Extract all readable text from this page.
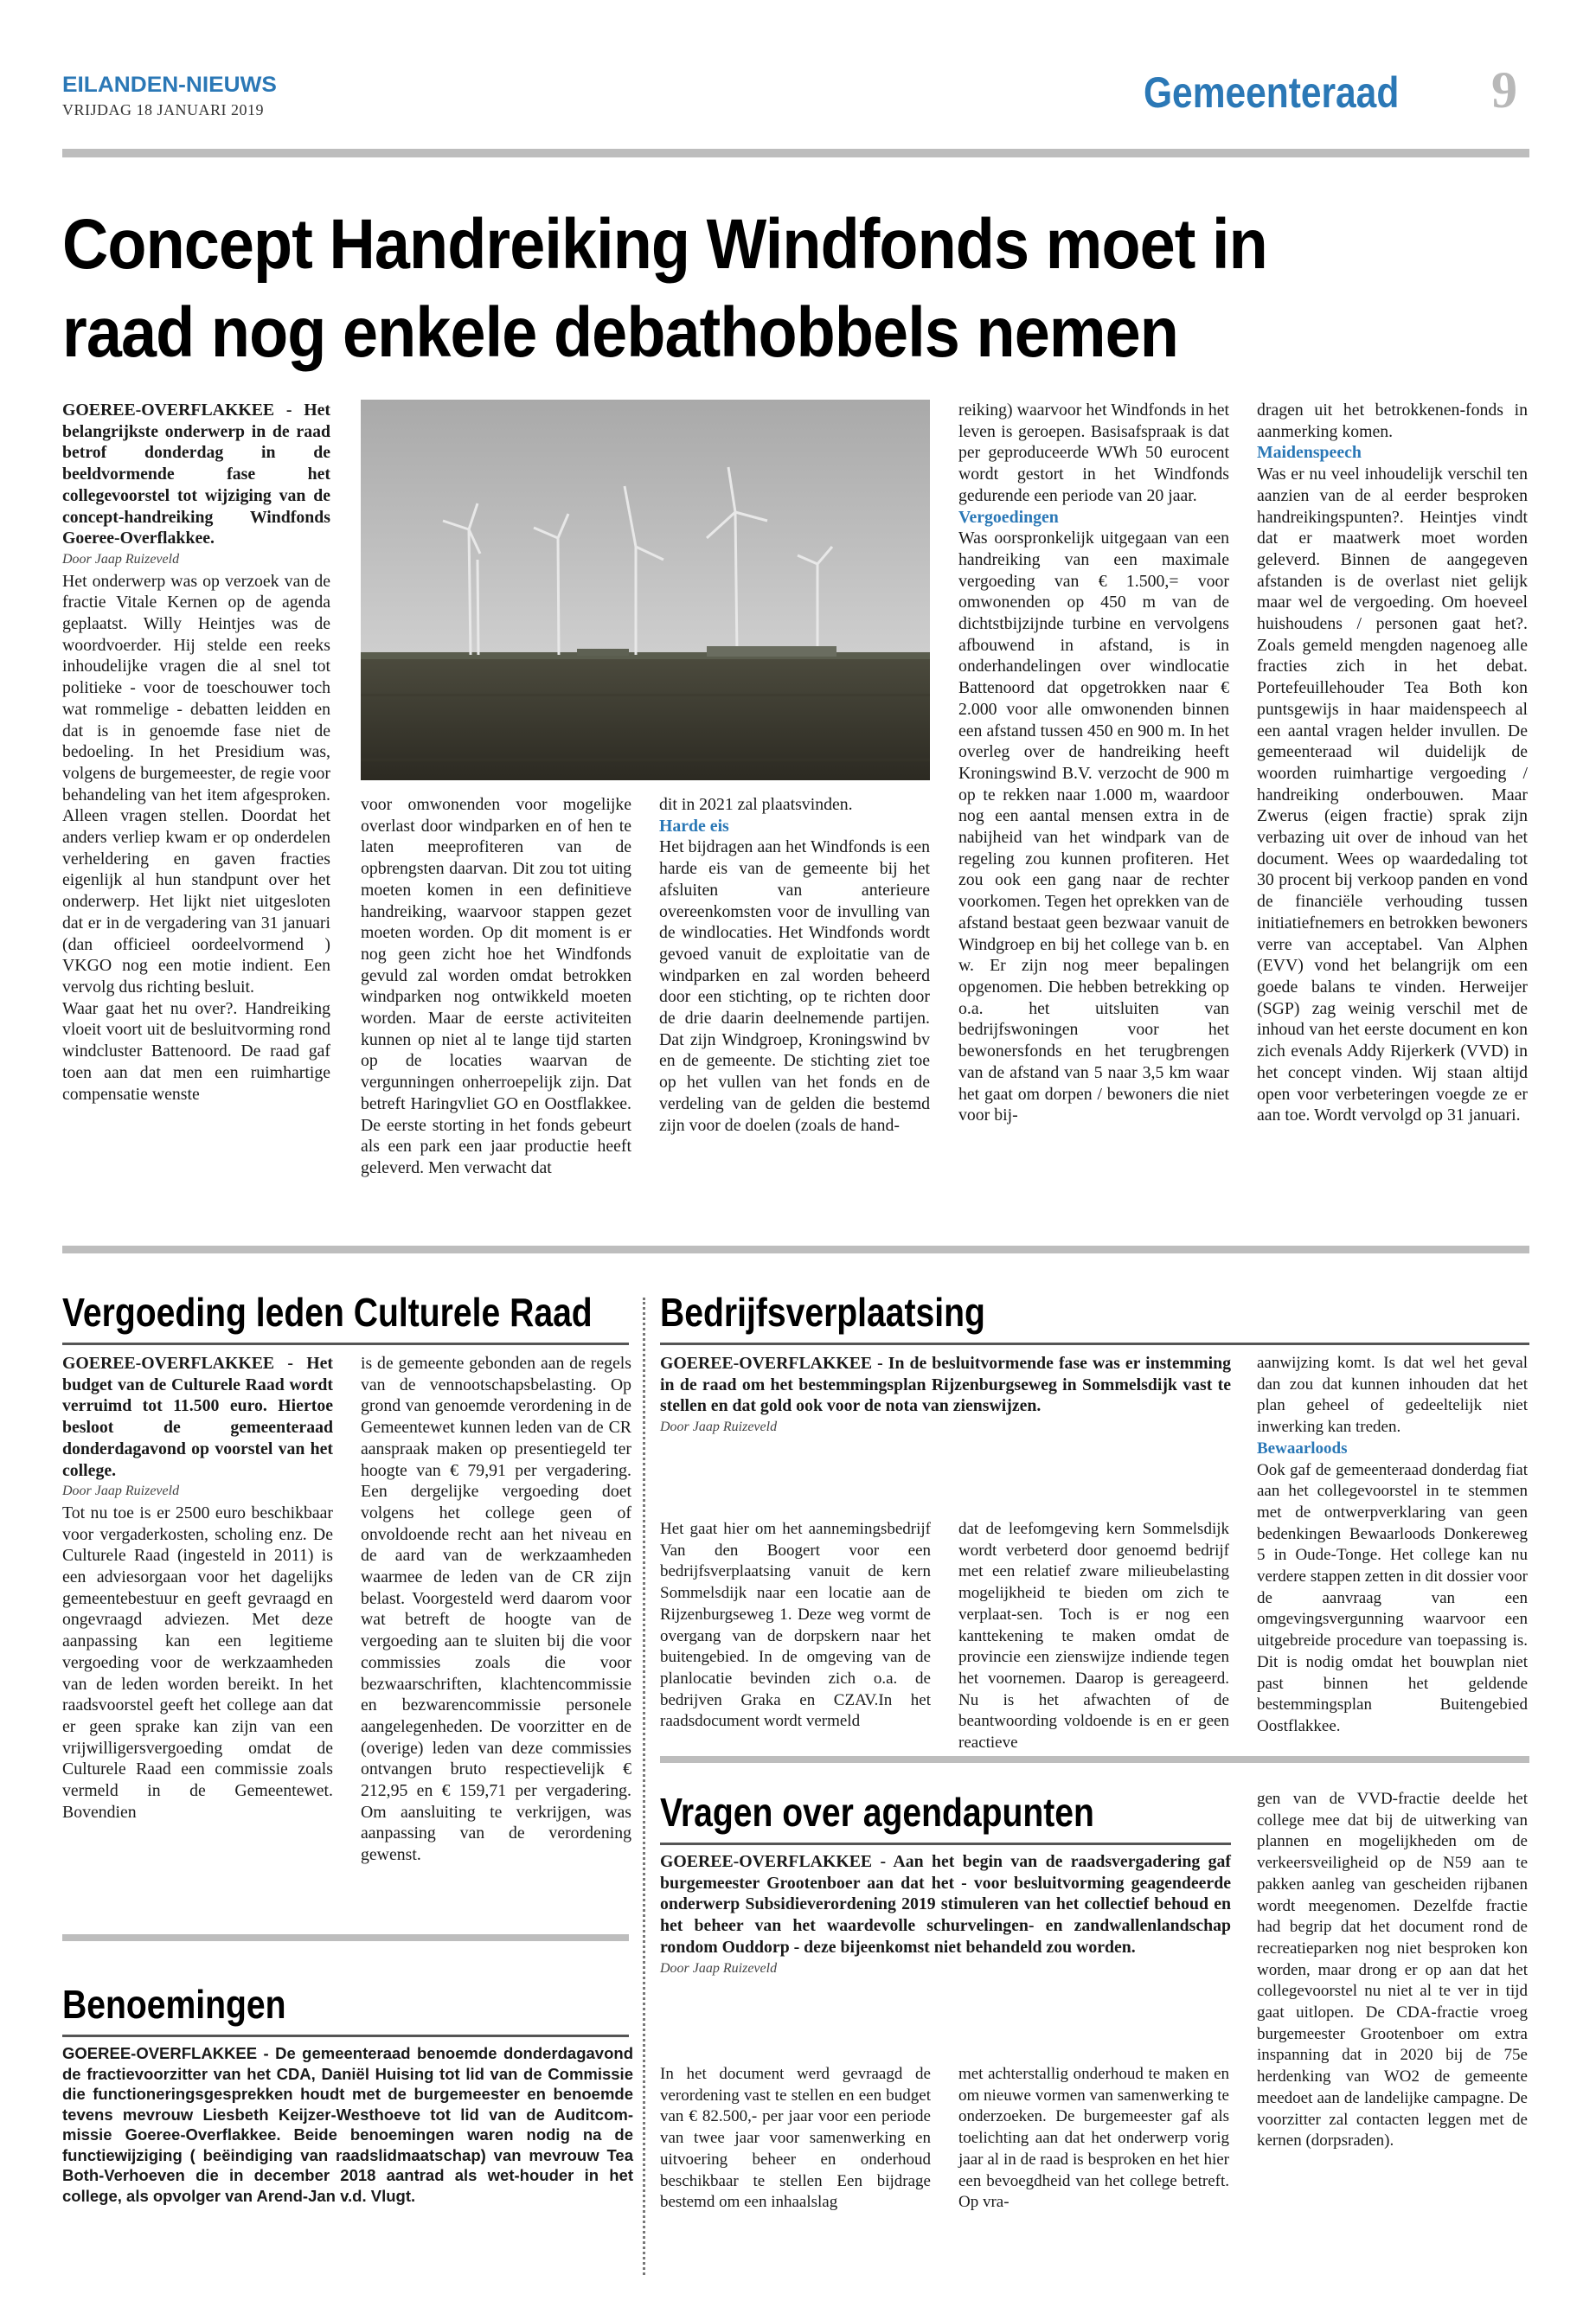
EILANDEN-NIEUWS
VRIJDAG 18 JANUARI 2019	Gemeenteraad 9
Concept Handreiking Windfonds moet in
raad nog enkele debathobbels nemen

GOEREE-OVERFLAKKEE - Het belangrijkste onderwerp in de raad betrof donderdag in de beeldvormende fase het collegevoorstel tot wijziging van de concept-handreiking Windfonds Goeree-Overflakkee.

Door Jaap Ruizeveld

Het onderwerp was op verzoek van de fractie Vitale Kernen op de agenda geplaatst. Willy Heintjes was de woordvoerder. Hij stelde een reeks inhoudelijke vragen die al snel tot politieke - voor de toeschouwer toch wat rommelige - debatten leidden en dat is in genoemde fase niet de bedoeling. In het Presidium was, volgens de burgemeester, de regie voor behandeling van het item afgesproken. Alleen vragen stellen. Doordat het anders verliep kwam er op onderdelen verheldering en gaven fracties eigenlijk al hun standpunt over het onderwerp. Het lijkt niet uitgesloten dat er in de vergadering van 31 januari (dan officieel oordeelvormend ) VKGO nog een motie indient. Een vervolg dus richting besluit.

Waar gaat het nu over?. Handreiking vloeit voort uit de besluitvorming rond windcluster Battenoord. De raad gaf toen aan dat men een ruimhartige compensatie wenste

voor omwonenden voor mogelijke overlast door windparken en of hen te laten meeprofiteren van de opbrengsten daarvan. Dit zou tot uiting moeten komen in een definitieve handreiking, waarvoor stappen gezet moeten worden. Op dit moment is er nog geen zicht hoe het Windfonds gevuld zal worden omdat betrokken windparken nog ontwikkeld moeten worden. Maar de eerste activiteiten kunnen op niet al te lange tijd starten op de locaties waarvan de vergunningen onherroepelijk zijn. Dat betreft Haringvliet GO en Oostflakkee. De eerste storting in het fonds gebeurt als een park een jaar productie heeft geleverd. Men verwacht dat

dit in 2021 zal plaatsvinden.

Harde eis

Het bijdragen aan het Windfonds is een harde eis van de gemeente bij het afsluiten van anterieure overeenkomsten voor de invulling van de windlocaties. Het Windfonds wordt gevoed vanuit de exploitatie van de windparken en zal worden beheerd door een stichting, op te richten door de drie daarin deelnemende partijen. Dat zijn Windgroep, Kroningswind bv en de gemeente. De stichting ziet toe op het vullen van het fonds en de verdeling van de gelden die bestemd zijn voor de doelen (zoals de hand-

reiking) waarvoor het Windfonds in het leven is geroepen. Basisafspraak is dat per geproduceerde WWh 50 eurocent wordt gestort in het Windfonds gedurende een periode van 20 jaar.

Vergoedingen

Was oorspronkelijk uitgegaan van een handreiking van een maximale vergoeding van € 1.500,= voor omwonenden op 450 m van de dichtstbijzijnde turbine en vervolgens afbouwend in afstand, is in onderhandelingen over windlocatie Battenoord dat opgetrokken naar € 2.000 voor alle omwonenden binnen een afstand tussen 450 en 900 m. In het overleg over de handreiking heeft Kroningswind B.V. verzocht de 900 m op te rekken naar 1.000 m, waardoor nog een aantal mensen extra in de nabijheid van het windpark van de regeling zou kunnen profiteren. Het zou ook een gang naar de rechter voorkomen. Tegen het oprekken van de afstand bestaat geen bezwaar vanuit de Windgroep en bij het college van b. en w. Er zijn nog meer bepalingen opgenomen. Die hebben betrekking op o.a. het uitsluiten van bedrijfswoningen voor het bewonersfonds en het terugbrengen van de afstand van 5 naar 3,5 km waar het gaat om dorpen / bewoners die niet voor bij-

dragen uit het betrokkenen-fonds in aanmerking komen.

Maidenspeech

Was er nu veel inhoudelijk verschil ten aanzien van de al eerder besproken handreikingspunten?. Heintjes vindt dat er maatwerk moet worden geleverd. Binnen de aangegeven afstanden is de overlast niet gelijk maar wel de vergoeding. Om hoeveel huishoudens / personen gaat het?. Zoals gemeld mengden nagenoeg alle fracties zich in het debat. Portefeuillehouder Tea Both kon puntsgewijs in haar maidenspeech al een aantal vragen helder invullen. De gemeenteraad wil duidelijk de woorden ruimhartige vergoeding / handreiking onderbouwen. Maar Zwerus (eigen fractie) sprak zijn verbazing uit over de inhoud van het document. Wees op waardedaling tot 30 procent bij verkoop panden en vond de financiële verhouding tussen initiatiefnemers en betrokken bewoners verre van acceptabel. Van Alphen (EVV) vond het belangrijk om een goede balans te vinden. Herweijer (SGP) zag weinig verschil met de inhoud van het eerste document en kon zich evenals Addy Rijerkerk (VVD) in het concept vinden. Wij staan altijd open voor verbeteringen voegde ze er aan toe. Wordt vervolgd op 31 januari.

Vergoeding leden Culturele Raad

GOEREE-OVERFLAKKEE - Het budget van de Culturele Raad wordt verruimd tot 11.500 euro. Hiertoe besloot de gemeenteraad donderdagavond op voorstel van het college.

Door Jaap Ruizeveld

Tot nu toe is er 2500 euro beschikbaar voor vergaderkosten, scholing enz. De Culturele Raad (ingesteld in 2011) is een adviesorgaan voor het dagelijks gemeentebestuur en geeft gevraagd en ongevraagd adviezen. Met deze aanpassing kan een legitieme vergoeding voor de werkzaamheden van de leden worden bereikt. In het raadsvoorstel geeft het college aan dat er geen sprake kan zijn van een vrijwilligersvergoeding omdat de Culturele Raad een commissie zoals vermeld in de Gemeentewet. Bovendien

is de gemeente gebonden aan de regels van de vennootschapsbelasting. Op grond van genoemde verordening in de Gemeentewet kunnen leden van de CR aanspraak maken op presentiegeld ter hoogte van € 79,91 per vergadering. Een dergelijke vergoeding doet volgens het college geen of onvoldoende recht aan het niveau en de aard van de werkzaamheden waarmee de leden van de CR zijn belast. Voorgesteld werd daarom voor wat betreft de hoogte van de vergoeding aan te sluiten bij die voor commissies zoals die voor bezwaarschriften, klachtencommissie en bezwarencommissie personele aangelegenheden. De voorzitter en de (overige) leden van deze commissies ontvangen bruto respectievelijk € 212,95 en € 159,71 per vergadering. Om aansluiting te verkrijgen, was aanpassing van de verordening gewenst.

Benoemingen

GOEREE-OVERFLAKKEE - De gemeenteraad benoemde donderdagavond de fractievoorzitter van het CDA, Daniël Huising tot lid van de Commissie die functioneringsgesprekken houdt met de burgemeester en benoemde tevens mevrouw Liesbeth Keijzer-Westhoeve tot lid van de Auditcom-missie Goeree-Overflakkee. Beide benoemingen waren nodig na de functiewijziging ( beëindiging van raadslidmaatschap) van mevrouw Tea Both-Verhoeven die in december 2018 aantrad als wet-houder in het college, als opvolger van Arend-Jan v.d. Vlugt.

Bedrijfsverplaatsing

GOEREE-OVERFLAKKEE - In de besluitvormende fase was er instemming in de raad om het bestemmingsplan Rijzenburgseweg in Sommelsdijk vast te stellen en dat gold ook voor de nota van zienswijzen.

Door Jaap Ruizeveld

Het gaat hier om het aannemingsbedrijf Van den Boogert voor een bedrijfsverplaatsing vanuit de kern Sommelsdijk naar een locatie aan de Rijzenburgseweg 1. Deze weg vormt de overgang van de dorpskern naar het buitengebied. In de omgeving van de planlocatie bevinden zich o.a. de bedrijven Graka en CZAV.In het raadsdocument wordt vermeld

dat de leefomgeving kern Sommelsdijk wordt verbeterd door genoemd bedrijf met een relatief zware milieubelasting mogelijkheid te bieden om zich te verplaat-sen. Toch is er nog een kanttekening te maken omdat de provincie een zienswijze indiende tegen het voornemen. Daarop is gereageerd. Nu is het afwachten of de beantwoording voldoende is en er geen reactieve

aanwijzing komt. Is dat wel het geval dan zou dat kunnen inhouden dat het plan geheel of gedeeltelijk niet inwerking kan treden.

Bewaarloods

Ook gaf de gemeenteraad donderdag fiat aan het collegevoorstel in te stemmen met de ontwerpverklaring van geen bedenkingen Bewaarloods Donkereweg 5 in Oude-Tonge. Het college kan nu verdere stappen zetten in dit dossier voor de aanvraag van een omgevingsvergunning waarvoor een uitgebreide procedure van toepassing is. Dit is nodig omdat het bouwplan niet past binnen het geldende bestemmingsplan Buitengebied Oostflakkee.

Vragen over agendapunten

GOEREE-OVERFLAKKEE - Aan het begin van de raadsvergadering gaf burgemeester Grootenboer aan dat het - voor besluitvorming geagendeerde onderwerp Subsidieverordening 2019 stimuleren van het collectief behoud en het beheer van het waardevolle schurvelingen- en zandwallenlandschap rondom Ouddorp - deze bijeenkomst niet behandeld zou worden.

Door Jaap Ruizeveld

In het document werd gevraagd de verordening vast te stellen en een budget van € 82.500,- per jaar voor een periode van twee jaar voor samenwerking en uitvoering beheer en onderhoud beschikbaar te stellen Een bijdrage bestemd om een inhaalslag

met achterstallig onderhoud te maken en om nieuwe vormen van samenwerking te onderzoeken. De burgemeester gaf als toelichting aan dat het onderwerp vorig jaar al in de raad is besproken en het hier een bevoegdheid van het college betreft. Op vra-

gen van de VVD-fractie deelde het college mee dat bij de uitwerking van plannen en mogelijkheden om de verkeersveiligheid op de N59 aan te pakken aanleg van gescheiden rijbanen wordt meegenomen. Dezelfde fractie had begrip dat het document rond de recreatieparken nog niet besproken kon worden, maar drong er op aan dat het collegevoorstel nu niet al te ver in tijd gaat uitlopen. De CDA-fractie vroeg burgemeester Grootenboer om extra inspanning dat in 2020 bij de 75e herdenking van WO2 de gemeente meedoet aan de landelijke campagne. De voorzitter zal contacten leggen met de kernen (dorpsraden).
